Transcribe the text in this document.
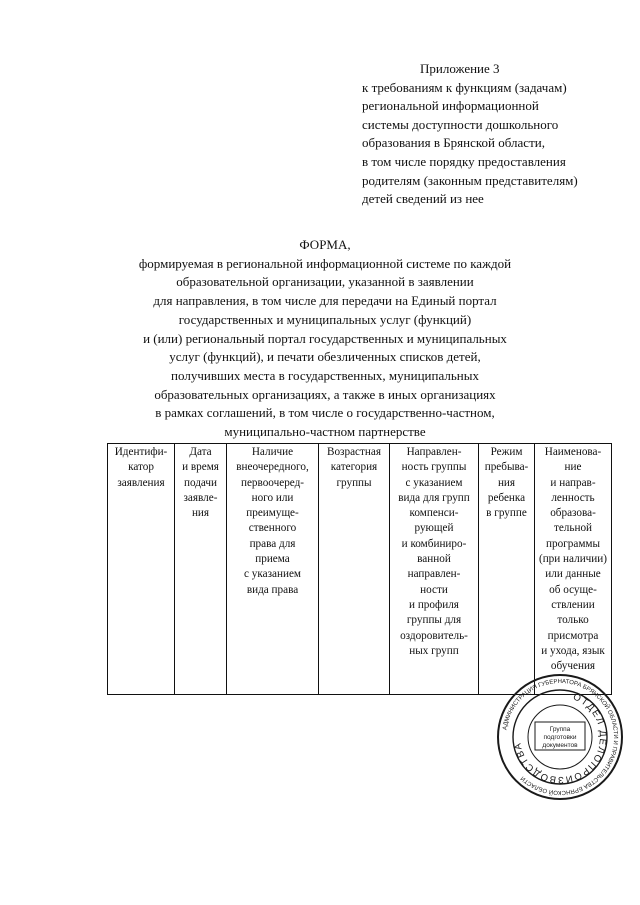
Приложение 3
к требованиям к функциям (задачам)
региональной информационной
системы доступности дошкольного
образования в Брянской области,
в том числе порядку предоставления
родителям (законным представителям)
детей сведений из нее
ФОРМА,
формируемая в региональной информационной системе по каждой
образовательной организации, указанной в заявлении
для направления, в том числе для передачи на Единый портал
государственных и муниципальных услуг (функций)
и (или) региональный портал государственных и муниципальных
услуг (функций), и печати обезличенных списков детей,
получивших места в государственных, муниципальных
образовательных организациях, а также в иных организациях
в рамках соглашений, в том числе о государственно-частном,
муниципально-частном партнерстве
Идентифи-
катор
заявления

Дата
и время
подачи
заявле-
ния

Наличие
внеочередного,
первоочеред-
ного или
преимуще-
ственного
права для
приема
с указанием
вида права

Возрастная
категория
группы

Направлен-
ность группы
с указанием
вида для групп
компенси-
рующей
и комбиниро-
ванной
направлен-
ности
и профиля
группы для
оздоровитель-
ных групп

Режим
пребыва-
ния
ребенка
в группе

Наименова-
ние
и направ-
ленность
образова-
тельной
программы
(при наличии)
или данные
об осуще-
ствлении
только
присмотра
и ухода, язык
обучения
АДМИНИСТРАЦИЯ ГУБЕРНАТОРА БРЯНСКОЙ ОБЛАСТИ И ПРАВИТЕЛЬСТВА БРЯНСКОЙ ОБЛАСТИ
ОТДЕЛ ДЕЛОПРОИЗВОДСТВА
Группа
подготовки
документов
